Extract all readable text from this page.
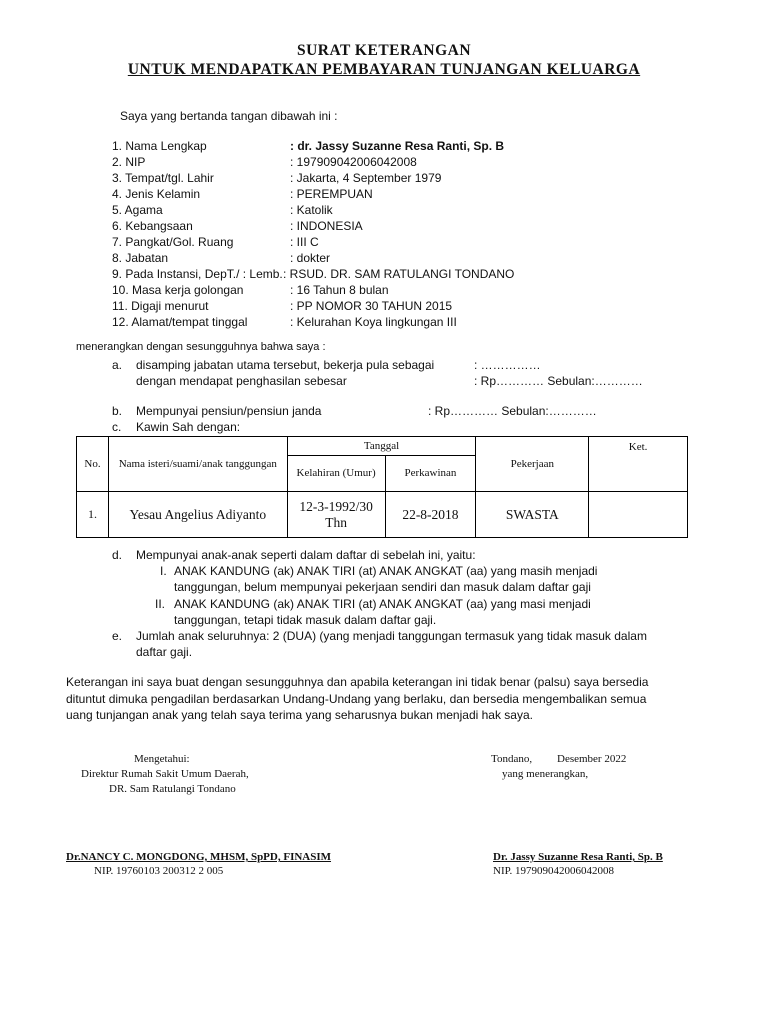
SURAT KETERANGAN
UNTUK MENDAPATKAN PEMBAYARAN TUNJANGAN KELUARGA
Saya yang bertanda tangan dibawah ini :
1. Nama Lengkap	: dr. Jassy Suzanne Resa Ranti, Sp. B
2. NIP	: 197909042006042008
3. Tempat/tgl. Lahir	: Jakarta, 4 September 1979
4. Jenis Kelamin	: PEREMPUAN
5. Agama	: Katolik
6. Kebangsaan	: INDONESIA
7. Pangkat/Gol. Ruang	: III C
8. Jabatan	: dokter
9. Pada Instansi, DepT./ : Lemb. : RSUD. DR. SAM RATULANGI TONDANO
10. Masa kerja golongan	: 16 Tahun 8 bulan
11. Digaji menurut	: PP NOMOR 30 TAHUN 2015
12. Alamat/tempat tinggal	: Kelurahan Koya lingkungan III
menerangkan dengan sesungguhnya bahwa saya :
a. disamping jabatan utama tersebut, bekerja pula sebagai	: ……………
dengan mendapat penghasilan sebesar	: Rp………… Sebulan:…………
b. Mempunyai pensiun/pensiun janda	: Rp………… Sebulan:…………
c. Kawin Sah dengan:
No.	Nama isteri/suami/anak tanggungan	Tanggal		Pekerjaan	Ket.
		Kelahiran (Umur)	Perkawinan		
1.	Yesau Angelius Adiyanto	12-3-1992/30 Thn	22-8-2018	SWASTA	
d. Mempunyai anak-anak seperti dalam daftar di sebelah ini, yaitu:
I. ANAK KANDUNG (ak) ANAK TIRI (at) ANAK ANGKAT (aa) yang masih menjadi
tanggungan, belum mempunyai pekerjaan sendiri dan masuk dalam daftar gaji
II. ANAK KANDUNG (ak) ANAK TIRI (at) ANAK ANGKAT (aa) yang masi menjadi
tanggungan, tetapi tidak masuk dalam daftar gaji.
e. Jumlah anak seluruhnya: 2 (DUA) (yang menjadi tanggungan termasuk yang tidak masuk dalam
daftar gaji.
Keterangan ini saya buat dengan sesungguhnya dan apabila keterangan ini tidak benar (palsu) saya bersedia
dituntut dimuka pengadilan berdasarkan Undang-Undang yang berlaku, dan bersedia mengembalikan semua
uang tunjangan anak yang telah saya terima yang seharusnya bukan menjadi hak saya.
Mengetahui:
Direktur Rumah Sakit Umum Daerah,
DR. Sam Ratulangi Tondano
Tondano, Desember 2022
yang menerangkan,
Dr.NANCY C. MONGDONG, MHSM, SpPD, FINASIM
NIP. 19760103 200312 2 005
Dr. Jassy Suzanne Resa Ranti, Sp. B
NIP. 197909042006042008
